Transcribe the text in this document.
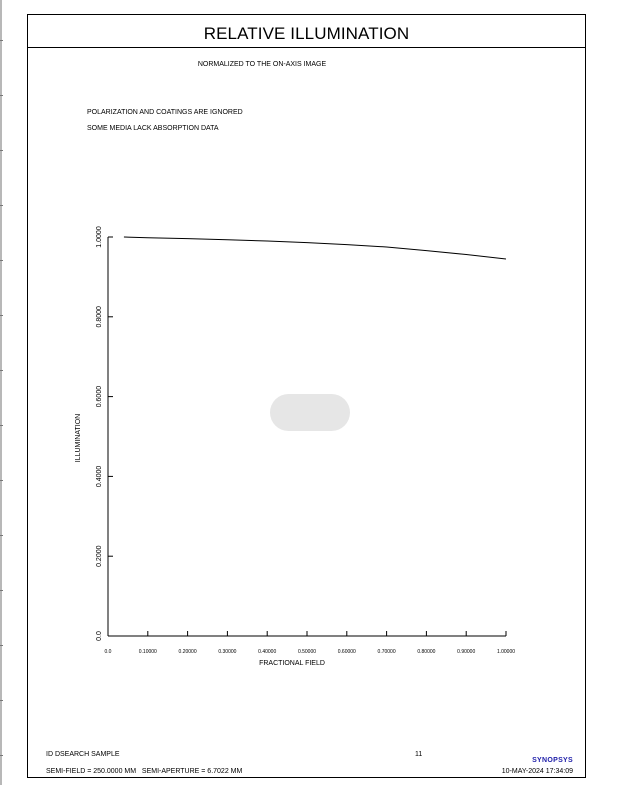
RELATIVE ILLUMINATION
NORMALIZED TO THE ON-AXIS IMAGE
POLARIZATION AND COATINGS ARE IGNORED
SOME MEDIA LACK ABSORPTION DATA
0.0	0.10000	0.20000	0.30000	0.40000	0.50000	0.60000	0.70000	0.80000	0.90000	1.00000
0.0
0.2000
0.4000
0.6000
0.8000
1.0000
FRACTIONAL FIELD
ILLUMINATION
ID DSEARCH SAMPLE	11
SYNOPSYS
SEMI-FIELD = 250.0000 MM   SEMI-APERTURE = 6.7022 MM	10-MAY-2024 17:34:09
